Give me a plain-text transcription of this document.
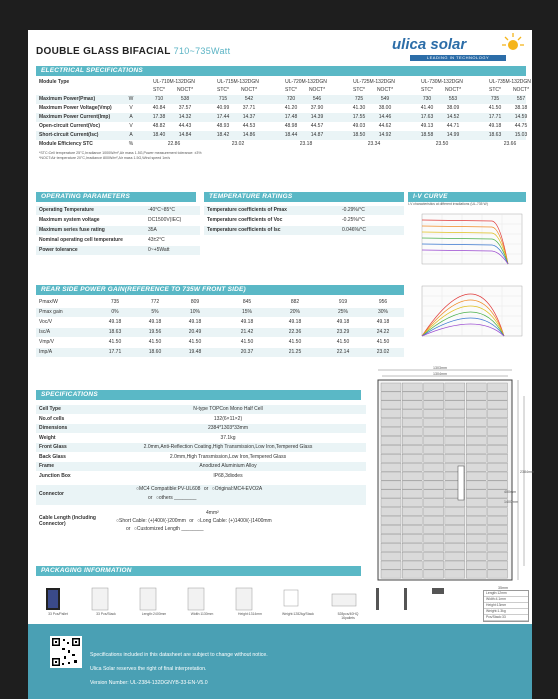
DOUBLE GLASS BIFACIAL 710~735Watt	ulica solar
LEADING IN TECHNOLOGY
ELECTRICAL SPECIFICATIONS
Module Type	UL-710M-132DGN	UL-715M-132DGN	UL-720M-132DGN	UL-725M-132DGN	UL-730M-132DGN	UL-735M-132DGN
STC*	NOCT*	STC*	NOCT*	STC*	NOCT*	STC*	NOCT*	STC*	NOCT*	STC*	NOCT*
Maximum Power(Pmax)	W	710	538	715	542	720	546	725	549	730	553	735	557
Maximum Power Voltage(Vmp)	V	40.84	37.57	40.99	37.71	41.20	37.90	41.30	38.00	41.40	38.09	41.50	38.18
Maximum Power Current(Imp)	A	17.38	14.32	17.44	14.37	17.48	14.39	17.55	14.46	17.63	14.52	17.71	14.59
Open-circuit Current(Voc)	V	48.82	44.43	48.93	44.53	48.98	44.57	49.03	44.62	49.13	44.71	49.18	44.75
Short-circuit Current(Isc)	A	18.40	14.84	18.42	14.86	18.44	14.87	18.50	14.92	18.58	14.99	18.63	15.03
Module Efficiency STC	%	22.86	23.02	23.18	23.34	23.50	23.66
*STC:Cell temperature 25°C,Irradiance 1000W/m²,Air mass 1.5G,Power measurement tolerance: ±3%
*NOCT:Air temperature 20°C,Irradiance 800W/m²,Air mass 1.5G,Wind speed 1m/s
OPERATING PARAMETERS
Operating Temperature	-40°C~85°C
Maximum system voltage	DC1500V(IEC)
Maximum series fuse rating	35A
Nominal operating cell temperature	43±2°C
Power tolerance	0~+5Watt
TEMPERATURE RATINGS
Temperature coefficients of Pmax	-0.29%/°C
Temperature coefficients of Voc	-0.25%/°C
Temperature coefficients of Isc	0.046%/°C
I-V CURVE
I-V characteristics at different irradiations (UL-735 W)
REAR SIDE POWER GAIN(REFERENCE TO 735W FRONT SIDE)
Pmax/W	735	772	809	845	882	919	956
Pmax gain	0%	5%	10%	15%	20%	25%	30%
Voc/V	49.18	49.18	49.18	49.18	49.18	49.18	49.18
Isc/A	18.63	19.56	20.49	21.42	22.36	23.29	24.22
Vmp/V	41.50	41.50	41.50	41.50	41.50	41.50	41.50
Imp/A	17.71	18.60	19.48	20.37	21.25	22.14	23.02
SPECIFICATIONS
Cell Type	N-type TOPCon Mono Half Cell
No.of cells	132(6×11×2)
Dimensions	2384*1303*33mm
Weight	37.1kg
Front Glass	2.0mm,Anti-Reflection Coating,High Transmission,Low Iron,Tempered Glass
Back Glass	2.0mm,High Transmission,Low Iron,Tempered Glass
Frame	Anodized Aluminium Alloy
Junction Box	IP68,3diodes
Connector
○MC4 Compatible:PV-UL608 or ○Original:MC4-EVO2A
or ○others ________
Cable Length (Including Connector)
4mm²
○Short Cable: (+)400/(-)200mm or ○Long Cable: (+)1400/(-)1400mm
or ○Customized Length ________
1303mm
1304mm
400mm
1400mm
2384mm
35mm
PACKAGING INFORMATION
33 Pcs/Pallet	33 Pcs/Stack	Length:2400mm	Width:1130mm	Height:1314mm	Weight:1282kg/Stack	528pcs/40HQ
16pallets
Length:12mm
Width:4.1mm
Height:13mm
Weight:1.3kg
Pcs/Stack:33
Specifications included in this datasheet are subject to change without notice.
Ulica Solar reserves the right of final interpretation.
Version Number: UL-2384-132DGNYB-33-EN-V5.0
